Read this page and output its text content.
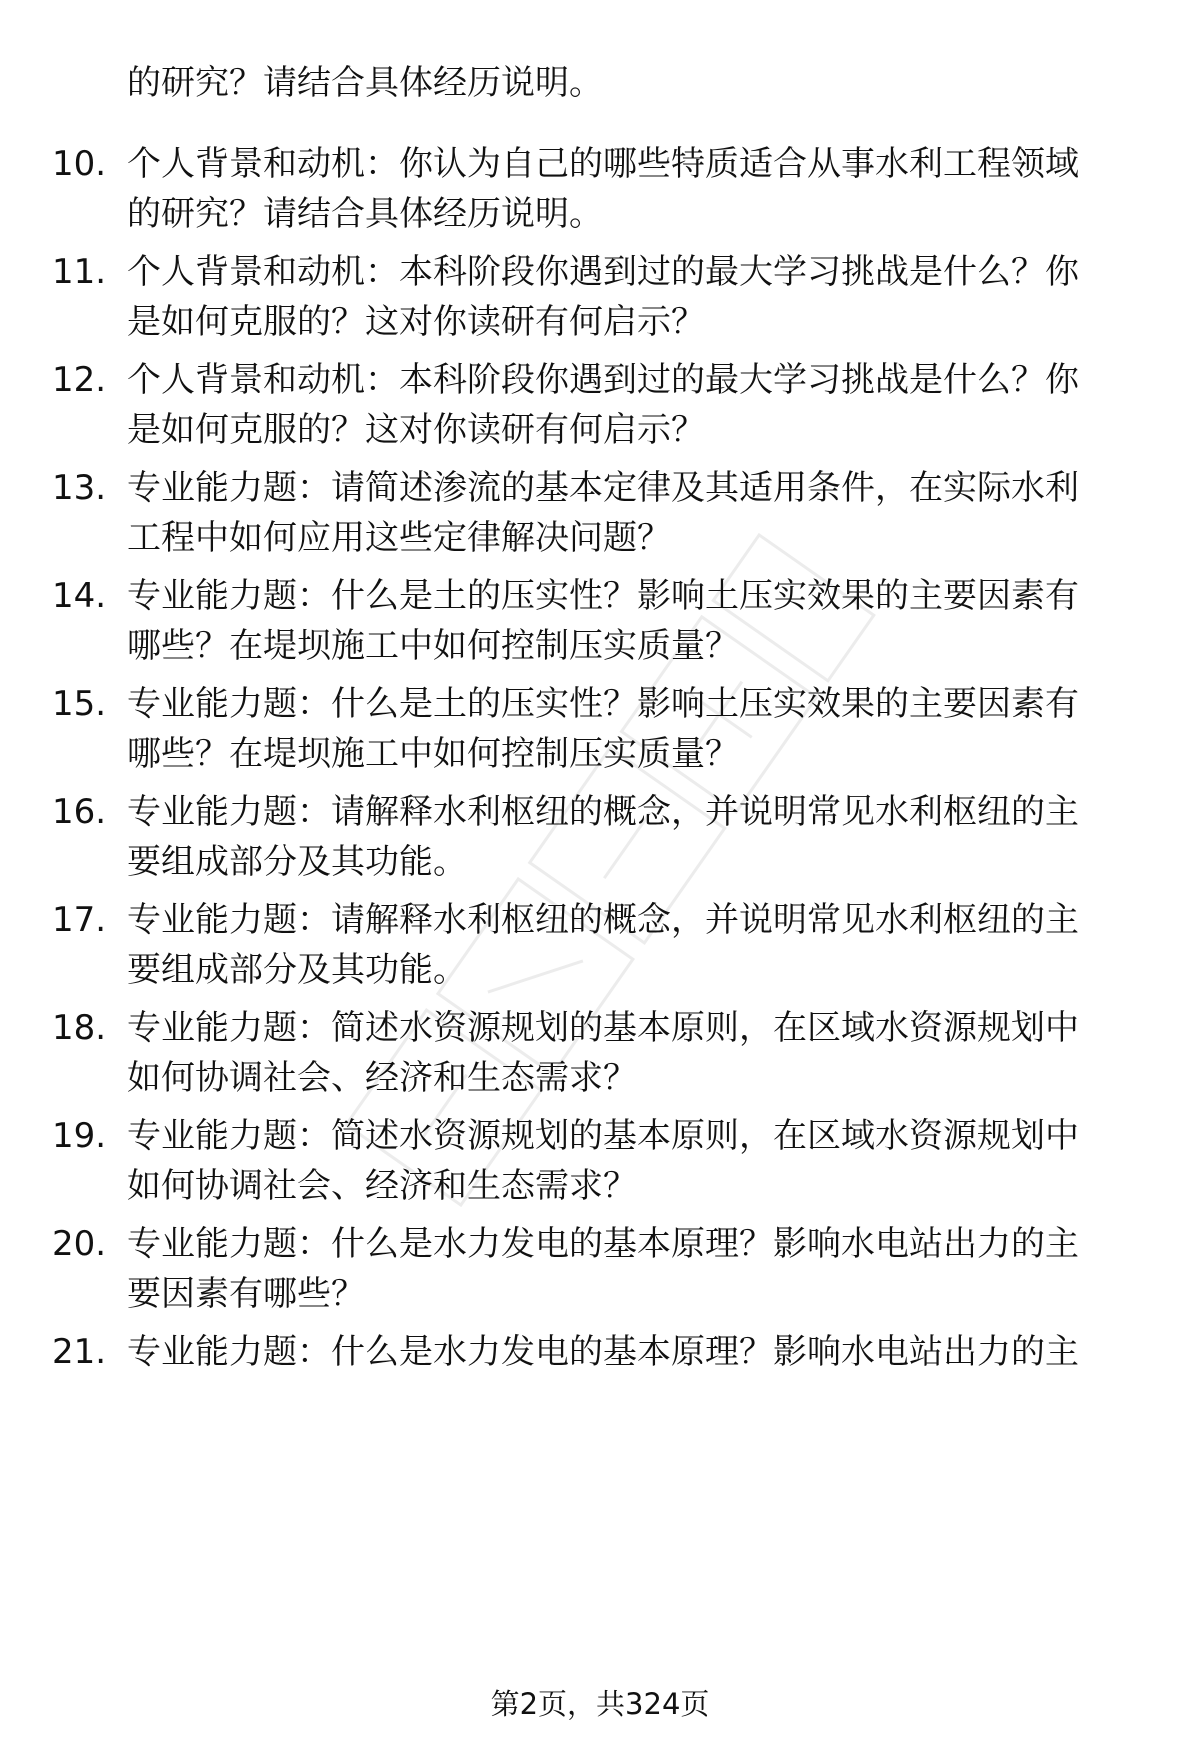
的研究？请结合具体经历说明。
10. 个人背景和动机：你认为自己的哪些特质适合从事水利工程领域
的研究？请结合具体经历说明。
11. 个人背景和动机：本科阶段你遇到过的最大学习挑战是什么？你
是如何克服的？这对你读研有何启示？
12. 个人背景和动机：本科阶段你遇到过的最大学习挑战是什么？你
是如何克服的？这对你读研有何启示？
13. 专业能力题：请简述渗流的基本定律及其适用条件，在实际水利
工程中如何应用这些定律解决问题？
14. 专业能力题：什么是土的压实性？影响土压实效果的主要因素有
哪些？在堤坝施工中如何控制压实质量？
15. 专业能力题：什么是土的压实性？影响土压实效果的主要因素有
哪些？在堤坝施工中如何控制压实质量？
16. 专业能力题：请解释水利枢纽的概念，并说明常见水利枢纽的主
要组成部分及其功能。
17. 专业能力题：请解释水利枢纽的概念，并说明常见水利枢纽的主
要组成部分及其功能。
18. 专业能力题：简述水资源规划的基本原则，在区域水资源规划中
如何协调社会、经济和生态需求？
19. 专业能力题：简述水资源规划的基本原则，在区域水资源规划中
如何协调社会、经济和生态需求？
20. 专业能力题：什么是水力发电的基本原理？影响水电站出力的主
要因素有哪些？
21. 专业能力题：什么是水力发电的基本原理？影响水电站出力的主
第2页，共324页
